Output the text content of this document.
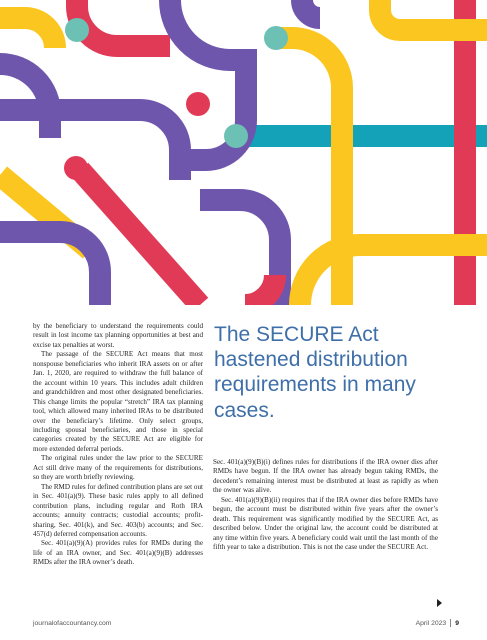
by the beneficiary to understand the requirements could result in lost income tax planning opportunities at best and excise tax penalties at worst.

The passage of the SECURE Act means that most nonspouse beneficiaries who inherit IRA assets on or after Jan. 1, 2020, are required to withdraw the full balance of the account within 10 years. This includes adult children and grandchildren and most other designated beneficiaries. This change limits the popular “stretch” IRA tax planning tool, which allowed many inherited IRAs to be distributed over the beneficiary’s lifetime. Only select groups, including spousal beneficiaries, and those in special categories created by the SECURE Act are eligible for more extended deferral periods.

The original rules under the law prior to the SECURE Act still drive many of the requirements for distributions, so they are worth briefly reviewing.

The RMD rules for defined contribution plans are set out in Sec. 401(a)(9). These basic rules apply to all defined contribution plans, including regular and Roth IRA accounts; annuity contracts; custodial accounts; profit-sharing, Sec. 401(k), and Sec. 403(b) accounts; and Sec. 457(d) deferred compensation accounts.

Sec. 401(a)(9)(A) provides rules for RMDs during the life of an IRA owner, and Sec. 401(a)(9)(B) addresses RMDs after the IRA owner’s death.

The SECURE Act hastened distribution requirements in many cases.

Sec. 401(a)(9)(B)(i) defines rules for distributions if the IRA owner dies after RMDs have begun. If the IRA owner has already begun taking RMDs, the decedent’s remaining interest must be distributed at least as rapidly as when the owner was alive.

Sec. 401(a)(9)(B)(ii) requires that if the IRA owner dies before RMDs have begun, the account must be distributed within five years after the owner’s death. This requirement was significantly modified by the SECURE Act, as described below. Under the original law, the account could be distributed at any time within five years. A beneficiary could wait until the last month of the fifth year to take a distribution. This is not the case under the SECURE Act.

journalofaccountancy.com	April 2023 9
